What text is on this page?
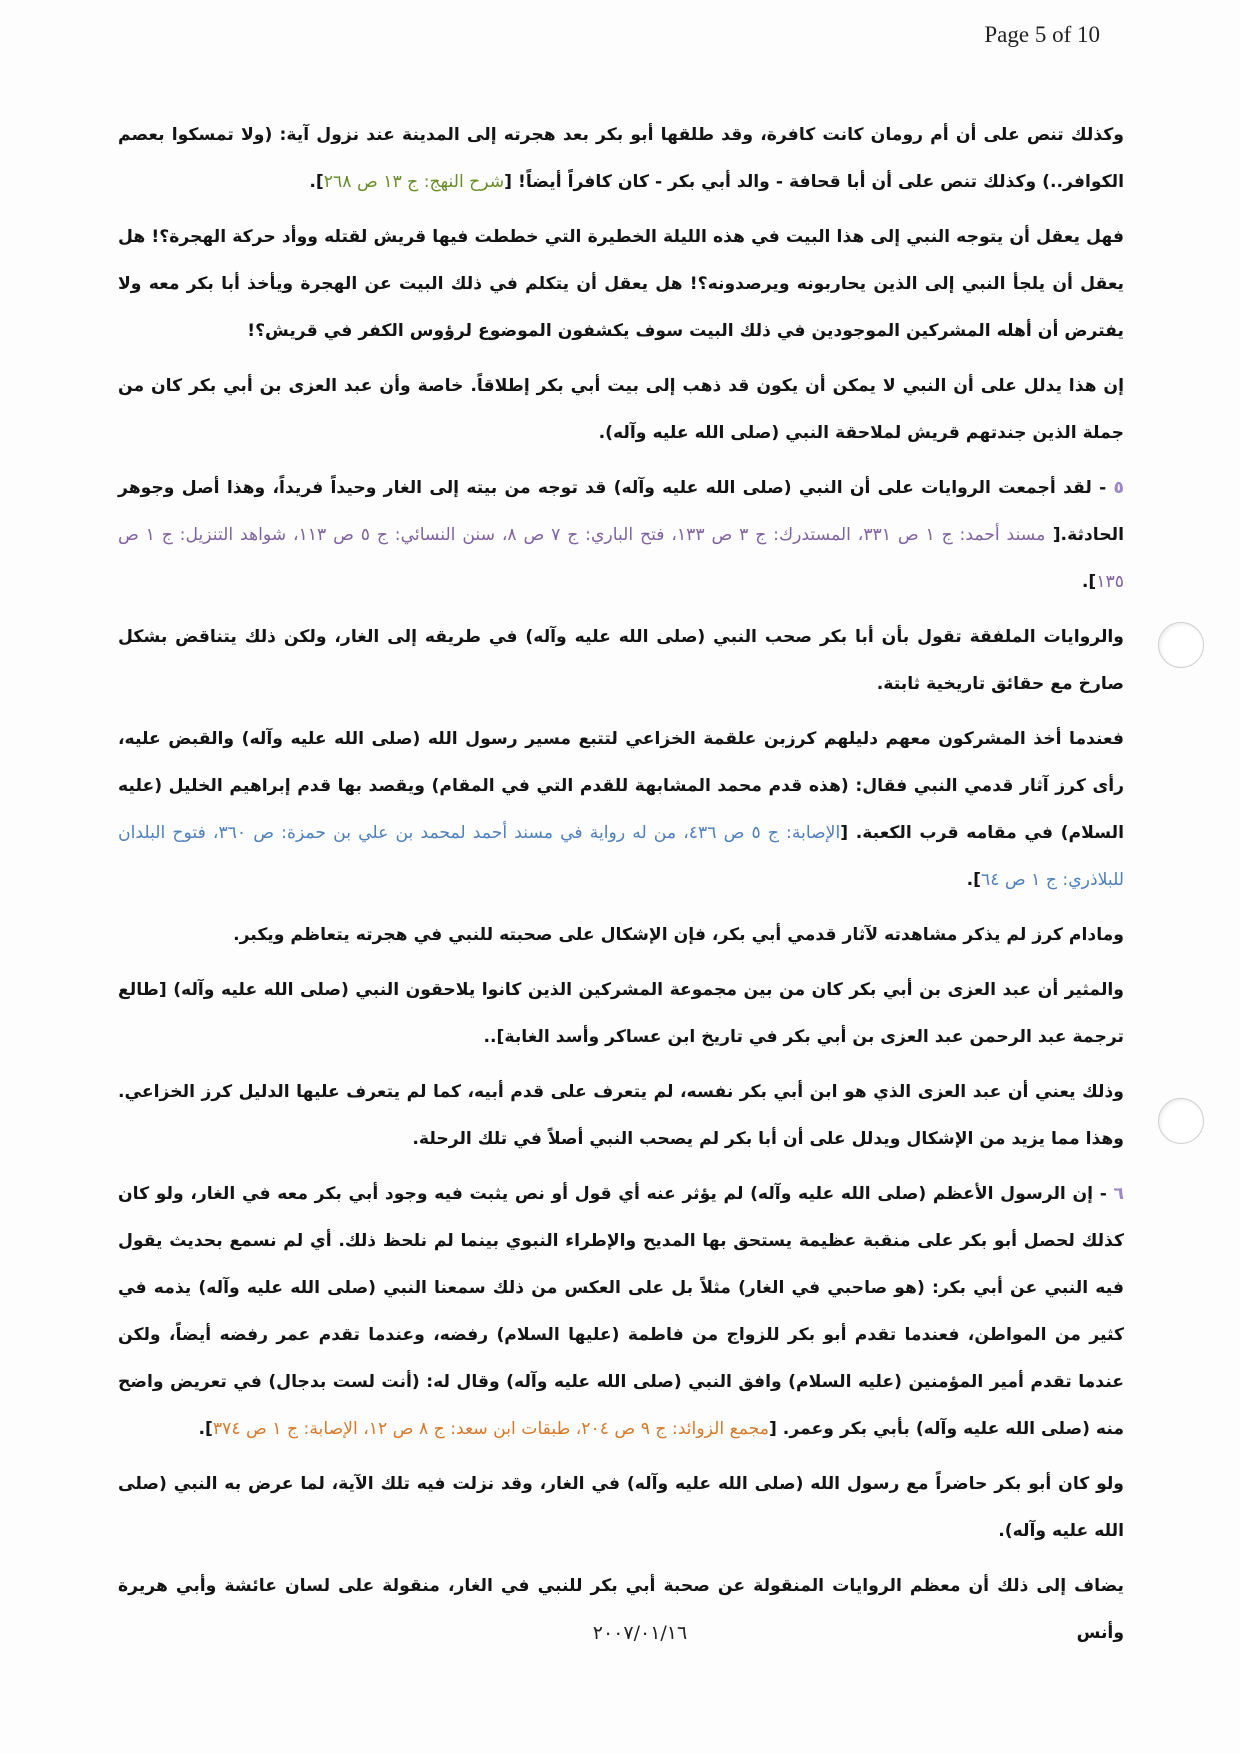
Page 5 of 10

وكذلك تنص على أن أم رومان كانت كافرة، وقد طلقها أبو بكر بعد هجرته إلى المدينة عند نزول آية: (ولا تمسكوا بعصم الكوافر..) وكذلك تنص على أن أبا قحافة - والد أبي بكر - كان كافراً أيضاً! [شرح النهج: ج ١٣ ص ٢٦٨].

فهل يعقل أن يتوجه النبي إلى هذا البيت في هذه الليلة الخطيرة التي خططت فيها قريش لقتله ووأد حركة الهجرة؟! هل يعقل أن يلجأ النبي إلى الذين يحاربونه ويرصدونه؟! هل يعقل أن يتكلم في ذلك البيت عن الهجرة ويأخذ أبا بكر معه ولا يفترض أن أهله المشركين الموجودين في ذلك البيت سوف يكشفون الموضوع لرؤوس الكفر في قريش؟!

إن هذا يدلل على أن النبي لا يمكن أن يكون قد ذهب إلى بيت أبي بكر إطلاقاً. خاصة وأن عبد العزى بن أبي بكر كان من جملة الذين جندتهم قريش لملاحقة النبي (صلى الله عليه وآله).

٥ - لقد أجمعت الروايات على أن النبي (صلى الله عليه وآله) قد توجه من بيته إلى الغار وحيداً فريداً، وهذا أصل وجوهر الحادثة.[ مسند أحمد: ج ١ ص ٣٣١، المستدرك: ج ٣ ص ١٣٣، فتح الباري: ج ٧ ص ٨، سنن النسائي: ج ٥ ص ١١٣، شواهد التنزيل: ج ١ ص ١٣٥].

والروايات الملفقة تقول بأن أبا بكر صحب النبي (صلى الله عليه وآله) في طريقه إلى الغار، ولكن ذلك يتناقض بشكل صارخ مع حقائق تاريخية ثابتة.

فعندما أخذ المشركون معهم دليلهم كرزبن علقمة الخزاعي لتتبع مسير رسول الله (صلى الله عليه وآله) والقبض عليه، رأى كرز آثار قدمي النبي فقال: (هذه قدم محمد المشابهة للقدم التي في المقام) ويقصد بها قدم إبراهيم الخليل (عليه السلام) في مقامه قرب الكعبة. [الإصابة: ج ٥ ص ٤٣٦، من له رواية في مسند أحمد لمحمد بن علي بن حمزة: ص ٣٦٠، فتوح البلدان للبلاذري: ج ١ ص ٦٤].

ومادام كرز لم يذكر مشاهدته لآثار قدمي أبي بكر، فإن الإشكال على صحبته للنبي في هجرته يتعاظم ويكبر.

والمثير أن عبد العزى بن أبي بكر كان من بين مجموعة المشركين الذين كانوا يلاحقون النبي (صلى الله عليه وآله) [طالع ترجمة عبد الرحمن عبد العزى بن أبي بكر في تاريخ ابن عساكر وأسد الغابة]..

وذلك يعني أن عبد العزى الذي هو ابن أبي بكر نفسه، لم يتعرف على قدم أبيه، كما لم يتعرف عليها الدليل كرز الخزاعي. وهذا مما يزيد من الإشكال ويدلل على أن أبا بكر لم يصحب النبي أصلاً في تلك الرحلة.

٦ - إن الرسول الأعظم (صلى الله عليه وآله) لم يؤثر عنه أي قول أو نص يثبت فيه وجود أبي بكر معه في الغار، ولو كان كذلك لحصل أبو بكر على منقبة عظيمة يستحق بها المديح والإطراء النبوي بينما لم نلحظ ذلك. أي لم نسمع بحديث يقول فيه النبي عن أبي بكر: (هو صاحبي في الغار) مثلاً بل على العكس من ذلك سمعنا النبي (صلى الله عليه وآله) يذمه في كثير من المواطن، فعندما تقدم أبو بكر للزواج من فاطمة (عليها السلام) رفضه، وعندما تقدم عمر رفضه أيضاً، ولكن عندما تقدم أمير المؤمنين (عليه السلام) وافق النبي (صلى الله عليه وآله) وقال له: (أنت لست بدجال) في تعريض واضح منه (صلى الله عليه وآله) بأبي بكر وعمر. [مجمع الزوائد: ج ٩ ص ٢٠٤، طبقات ابن سعد: ج ٨ ص ١٢، الإصابة: ج ١ ص ٣٧٤].

ولو كان أبو بكر حاضراً مع رسول الله (صلى الله عليه وآله) في الغار، وقد نزلت فيه تلك الآية، لما عرض به النبي (صلى الله عليه وآله).

يضاف إلى ذلك أن معظم الروايات المنقولة عن صحبة أبي بكر للنبي في الغار، منقولة على لسان عائشة وأبي هريرة وأنس

٢٠٠٧/٠١/١٦
